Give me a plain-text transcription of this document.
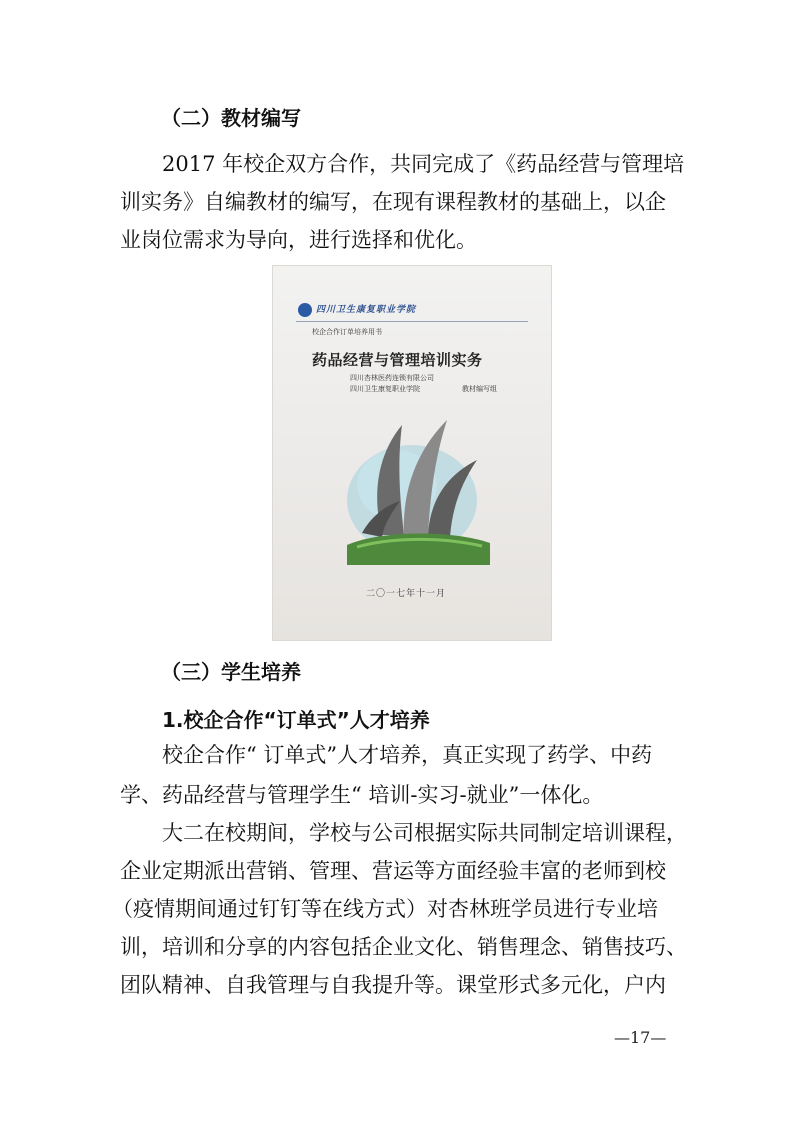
（二）教材编写
2017 年校企双方合作，共同完成了《药品经营与管理培
训实务》自编教材的编写，在现有课程教材的基础上，以企
业岗位需求为导向，进行选择和优化。
四川卫生康复职业学院
校企合作订单培养用书
药品经营与管理培训实务
四川杏林医药连锁有限公司
四川卫生康复职业学院	教材编写组
二〇一七年十一月
（三）学生培养
1.校企合作“订单式”人才培养
校企合作“ 订单式”人才培养，真正实现了药学、中药
学、药品经营与管理学生“ 培训-实习-就业”一体化。
大二在校期间，学校与公司根据实际共同制定培训课程，
企业定期派出营销、管理、营运等方面经验丰富的老师到校
（疫情期间通过钉钉等在线方式）对杏林班学员进行专业培
训，培训和分享的内容包括企业文化、销售理念、销售技巧、
团队精神、自我管理与自我提升等。课堂形式多元化，户内
—17—
